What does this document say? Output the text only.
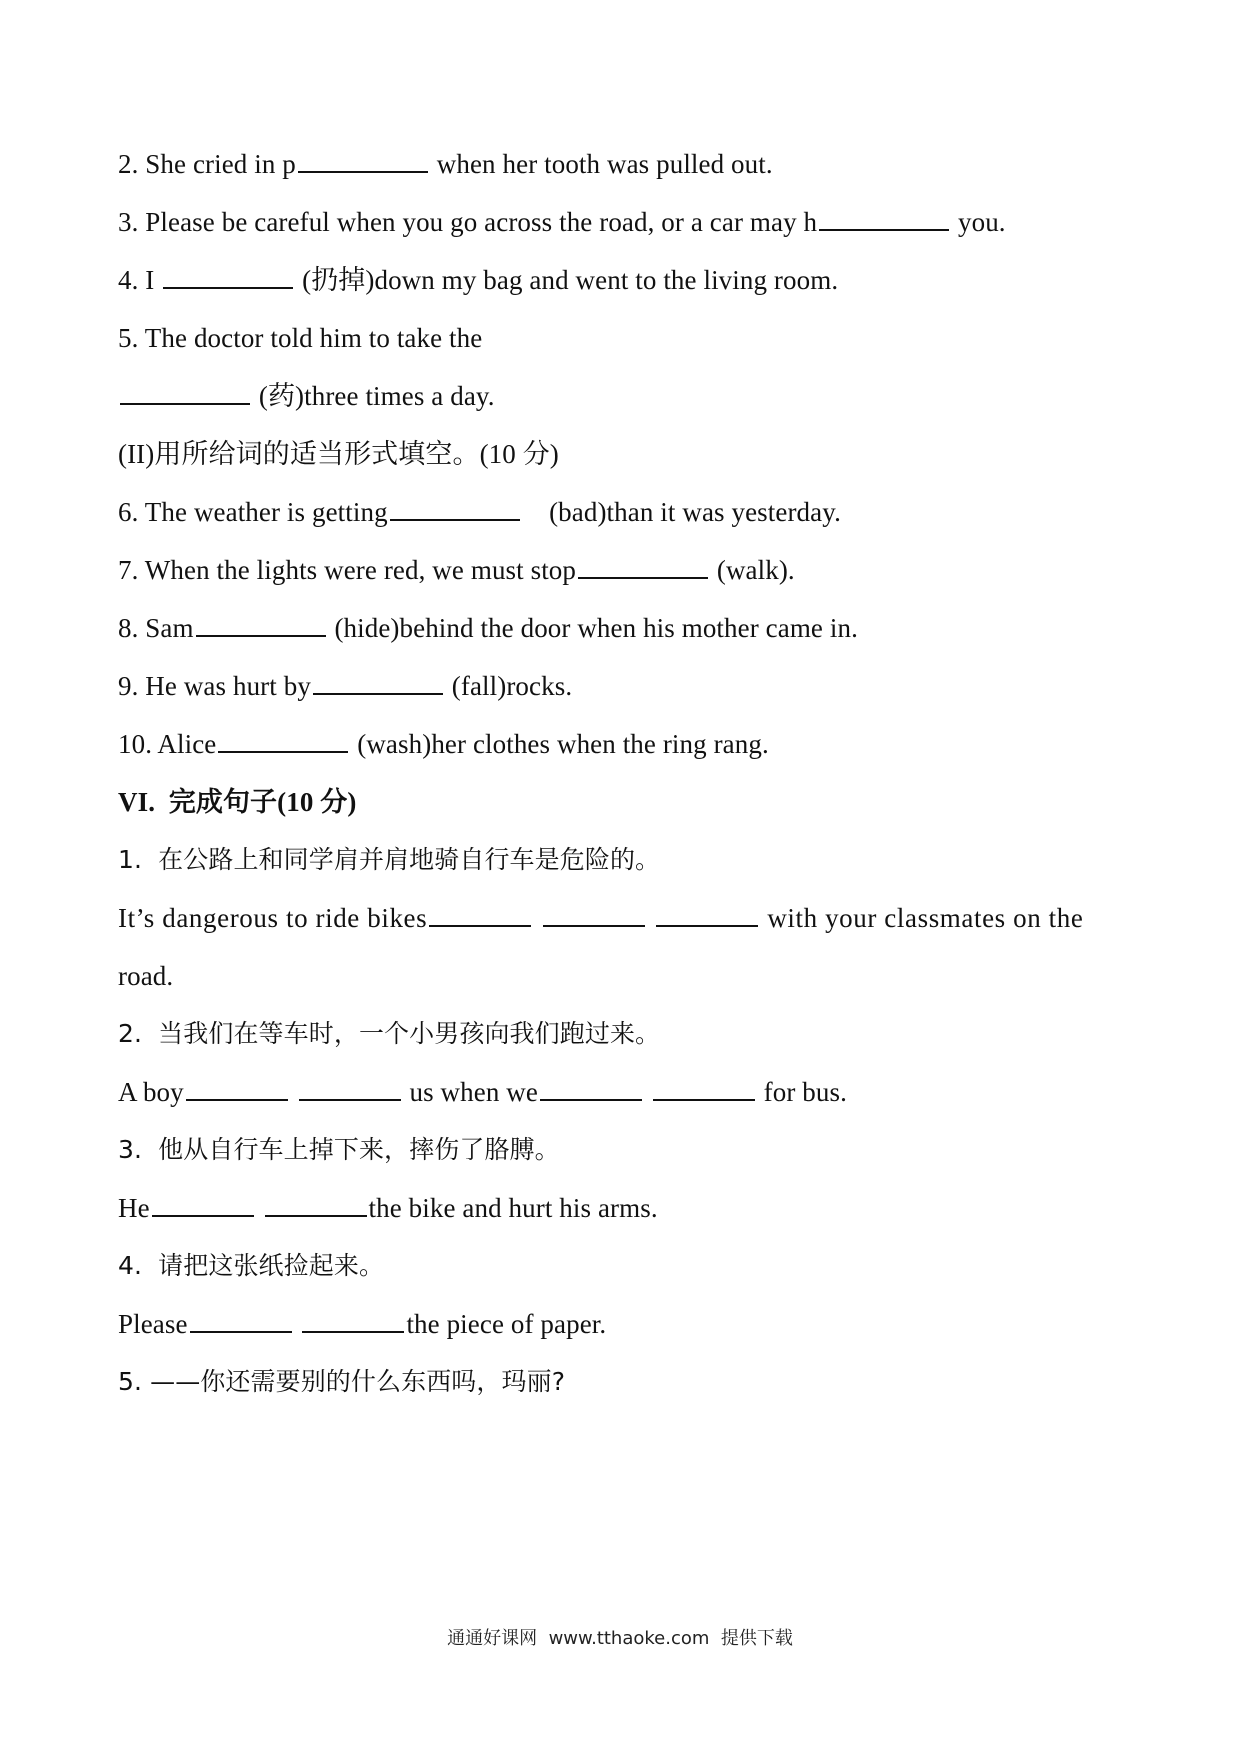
2. She cried in p	when her tooth was pulled out.
3. Please be careful when you go across the road, or a car may h	you.
4. I	(扔掉)down my bag and went to the living room.
5. The doctor told him to take the
(药)three times a day.
(II)用所给词的适当形式填空。(10 分)
6. The weather is getting	(bad)than it was yesterday.
7. When the lights were red, we must stop	(walk).
8. Sam	(hide)behind the door when his mother came in.
9. He was hurt by	(fall)rocks.
10. Alice	(wash)her clothes when the ring rang.
VI.  完成句子(10 分)
1.  在公路上和同学肩并肩地骑自行车是危险的。
It’s dangerous to ride bikes	with your classmates on the
road.
2.  当我们在等车时，一个小男孩向我们跑过来。
A boy	us when we	for bus.
3.  他从自行车上掉下来，摔伤了胳膊。
He	the bike and hurt his arms.
4.  请把这张纸捡起来。
Please	the piece of paper.
5. ——你还需要别的什么东西吗，玛丽?
通通好课网  www.tthaoke.com  提供下载
